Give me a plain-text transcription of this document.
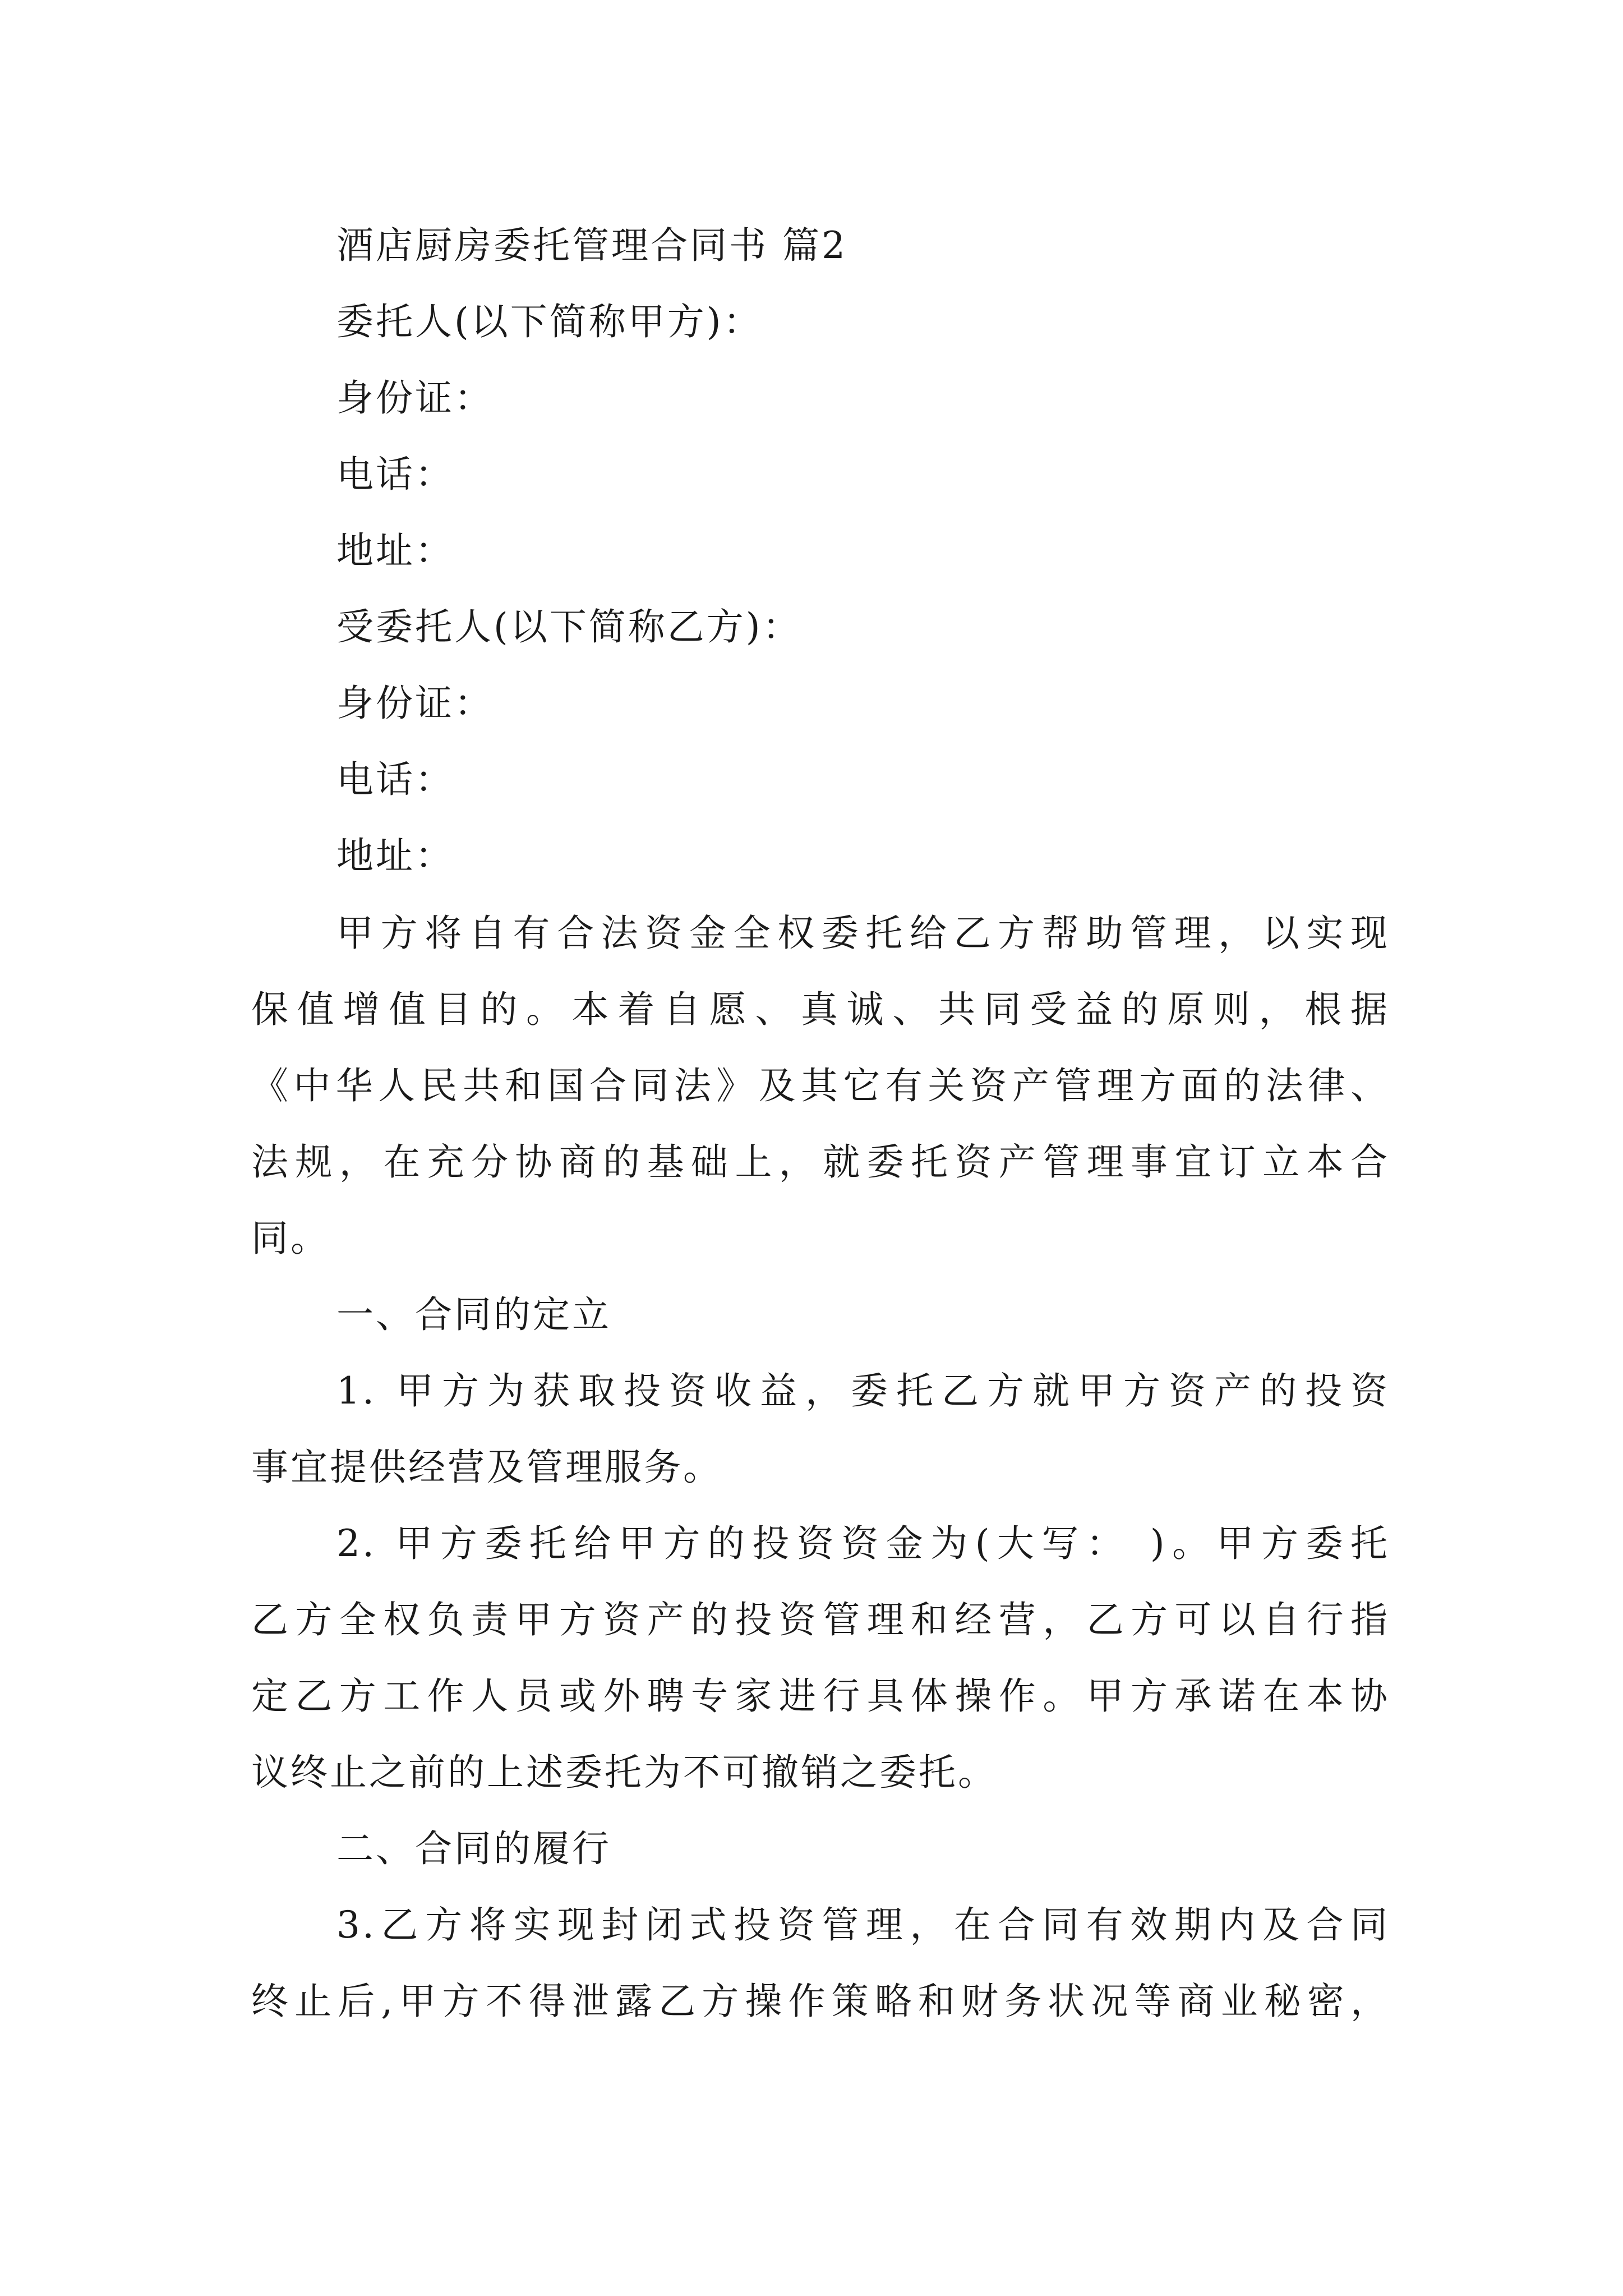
酒店厨房委托管理合同书 篇2
委托人(以下简称甲方)：
身份证：
电话：
地址：
受委托人(以下简称乙方)：
身份证：
电话：
地址：
甲方将自有合法资金全权委托给乙方帮助管理，以实现
保值增值目的。本着自愿、真诚、共同受益的原则，根据
《中华人民共和国合同法》及其它有关资产管理方面的法律、
法规，在充分协商的基础上，就委托资产管理事宜订立本合
同。
一、合同的定立
1. 甲方为获取投资收益，委托乙方就甲方资产的投资
事宜提供经营及管理服务。
2. 甲方委托给甲方的投资资金为(大写： )。甲方委托
乙方全权负责甲方资产的投资管理和经营，乙方可以自行指
定乙方工作人员或外聘专家进行具体操作。甲方承诺在本协
议终止之前的上述委托为不可撤销之委托。
二、合同的履行
3.乙方将实现封闭式投资管理，在合同有效期内及合同
终止后,甲方不得泄露乙方操作策略和财务状况等商业秘密，
